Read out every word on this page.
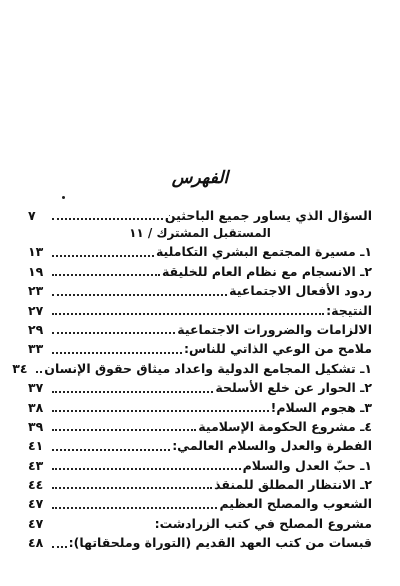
الفهرس
السؤال الذي يساور جميع الباحثين
٧
المستقبل المشترك / ١١
١ـ مسيرة المجتمع البشري التكاملية
١٣
٢ـ الانسجام مع نظام العام للخليقة
١٩
ردود الأفعال الاجتماعية
٢٣
النتيجة:
٢٧
الالزامات والضرورات الاجتماعية
٢٩
ملامح من الوعي الذاتي للناس:
٣٣
١ـ تشكيل المجامع الدولية واعداد ميثاق حقوق الإنسان
٣٤
٢ـ الحوار عن خلع الأسلحة
٣٧
٣ـ هجوم السلام!
٣٨
٤ـ مشروع الحكومة الإسلامية
٣٩
الفطرة والعدل والسلام العالمي:
٤١
١ـ حبّ العدل والسلام
٤٣
٢ـ الانتظار المطلق للمنقذ
٤٤
الشعوب والمصلح العظيم
٤٧
مشروع المصلح في كتب الزرادشت:
٤٧
قبسات من كتب العهد القديم (التوراة وملحقاتها):
٤٨
